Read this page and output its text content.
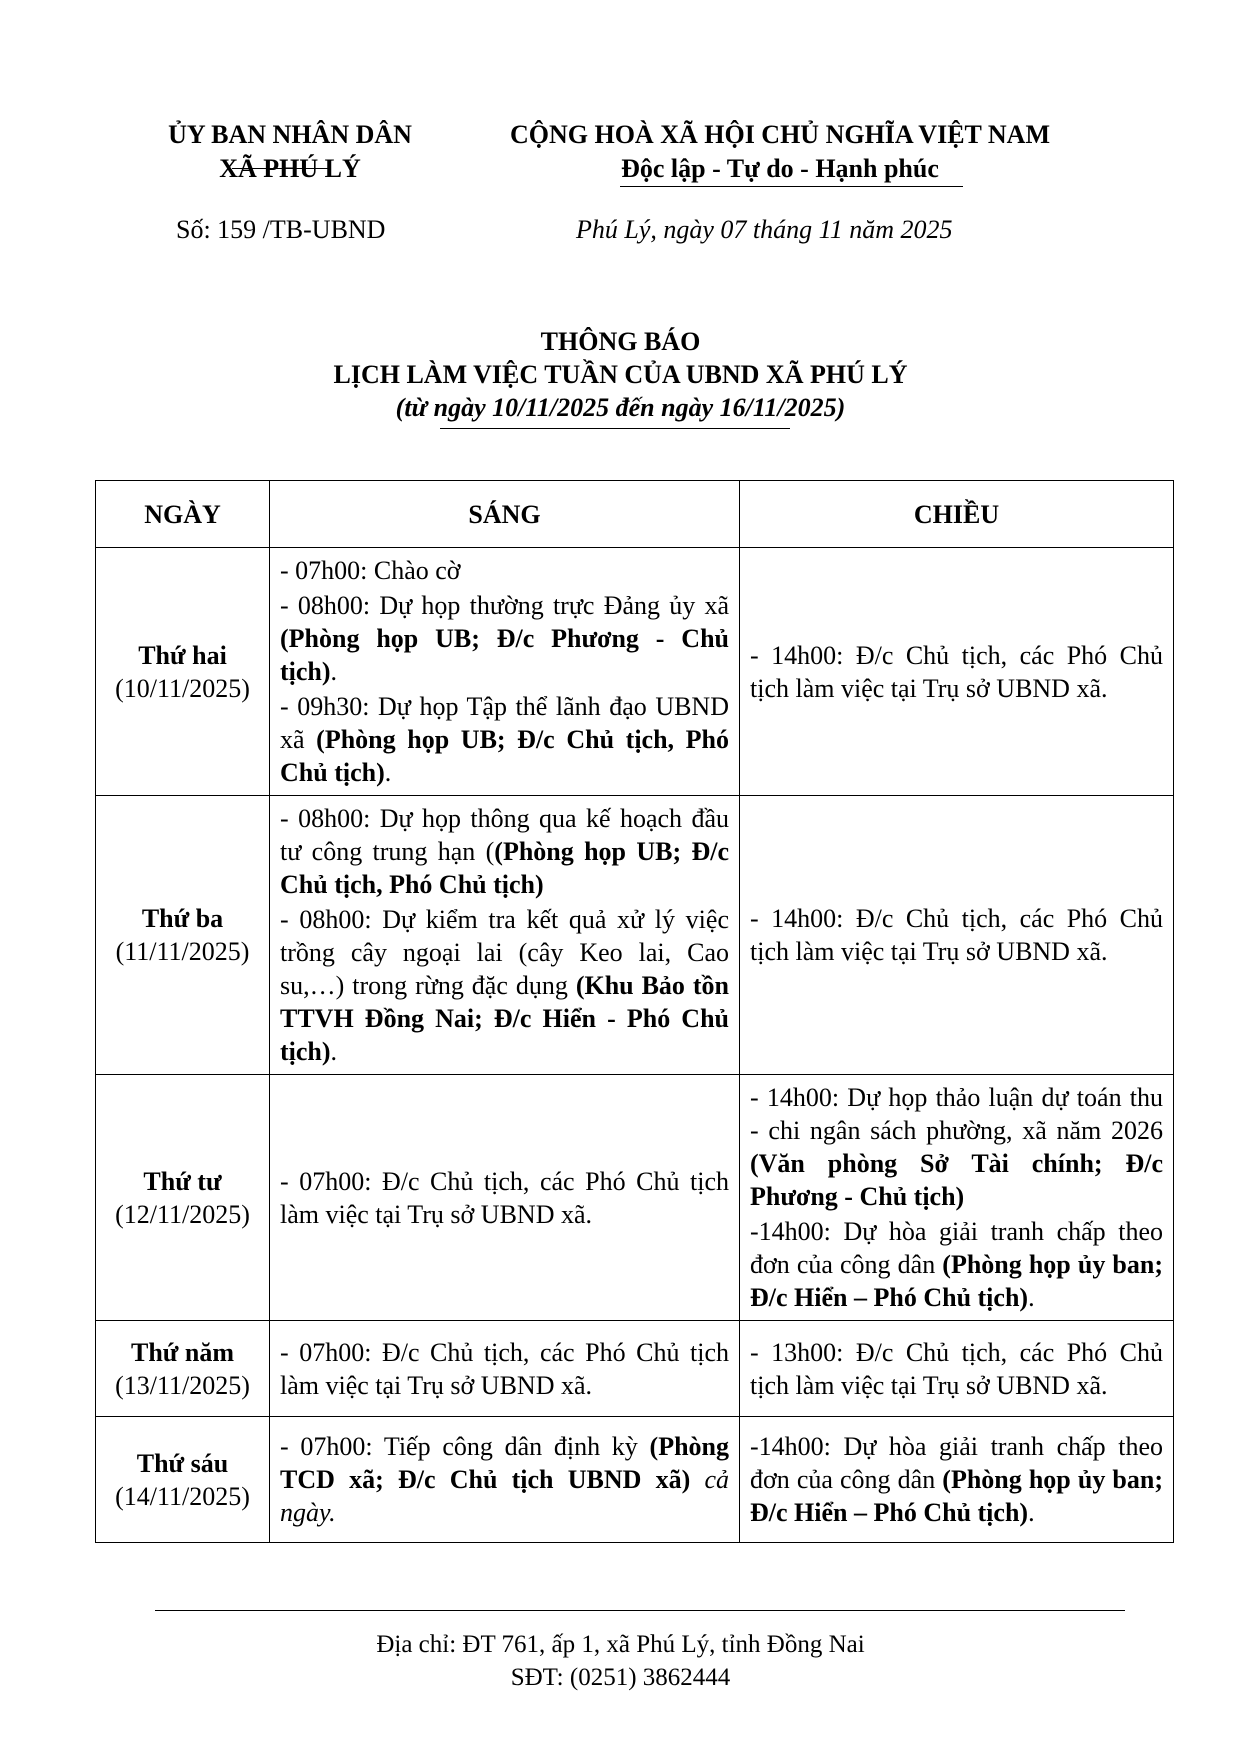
ỦY BAN NHÂN DÂN
XÃ PHÚ LÝ
CỘNG HOÀ XÃ HỘI CHỦ NGHĨA VIỆT NAM
Độc lập - Tự do - Hạnh phúc
Số: 159 /TB-UBND	Phú Lý, ngày 07 tháng 11 năm 2025
THÔNG BÁO
LỊCH LÀM VIỆC TUẦN CỦA UBND XÃ PHÚ LÝ
(từ ngày 10/11/2025 đến ngày 16/11/2025)
NGÀY	SÁNG	CHIỀU

Thứ hai
(10/11/2025)	- 07h00: Chào cờ
- 08h00: Dự họp thường trực Đảng ủy xã (Phòng họp UB; Đ/c Phương - Chủ tịch).
- 09h30: Dự họp Tập thể lãnh đạo UBND xã (Phòng họp UB; Đ/c Chủ tịch, Phó Chủ tịch).	- 14h00: Đ/c Chủ tịch, các Phó Chủ tịch làm việc tại Trụ sở UBND xã.

Thứ ba
(11/11/2025)	- 08h00: Dự họp thông qua kế hoạch đầu tư công trung hạn ((Phòng họp UB; Đ/c Chủ tịch, Phó Chủ tịch)
- 08h00: Dự kiểm tra kết quả xử lý việc trồng cây ngoại lai (cây Keo lai, Cao su,…) trong rừng đặc dụng (Khu Bảo tồn TTVH Đồng Nai; Đ/c Hiển - Phó Chủ tịch).	- 14h00: Đ/c Chủ tịch, các Phó Chủ tịch làm việc tại Trụ sở UBND xã.

Thứ tư
(12/11/2025)	- 07h00: Đ/c Chủ tịch, các Phó Chủ tịch làm việc tại Trụ sở UBND xã.	- 14h00: Dự họp thảo luận dự toán thu - chi ngân sách phường, xã năm 2026 (Văn phòng Sở Tài chính; Đ/c Phương - Chủ tịch)
-14h00: Dự hòa giải tranh chấp theo đơn của công dân (Phòng họp ủy ban; Đ/c Hiển – Phó Chủ tịch).

Thứ năm
(13/11/2025)	- 07h00: Đ/c Chủ tịch, các Phó Chủ tịch làm việc tại Trụ sở UBND xã.	- 13h00: Đ/c Chủ tịch, các Phó Chủ tịch làm việc tại Trụ sở UBND xã.

Thứ sáu
(14/11/2025)	- 07h00: Tiếp công dân định kỳ (Phòng TCD xã; Đ/c Chủ tịch UBND xã) cả ngày.	-14h00: Dự hòa giải tranh chấp theo đơn của công dân (Phòng họp ủy ban; Đ/c Hiển – Phó Chủ tịch).
Địa chỉ: ĐT 761, ấp 1, xã Phú Lý, tỉnh Đồng Nai
SĐT: (0251) 3862444
